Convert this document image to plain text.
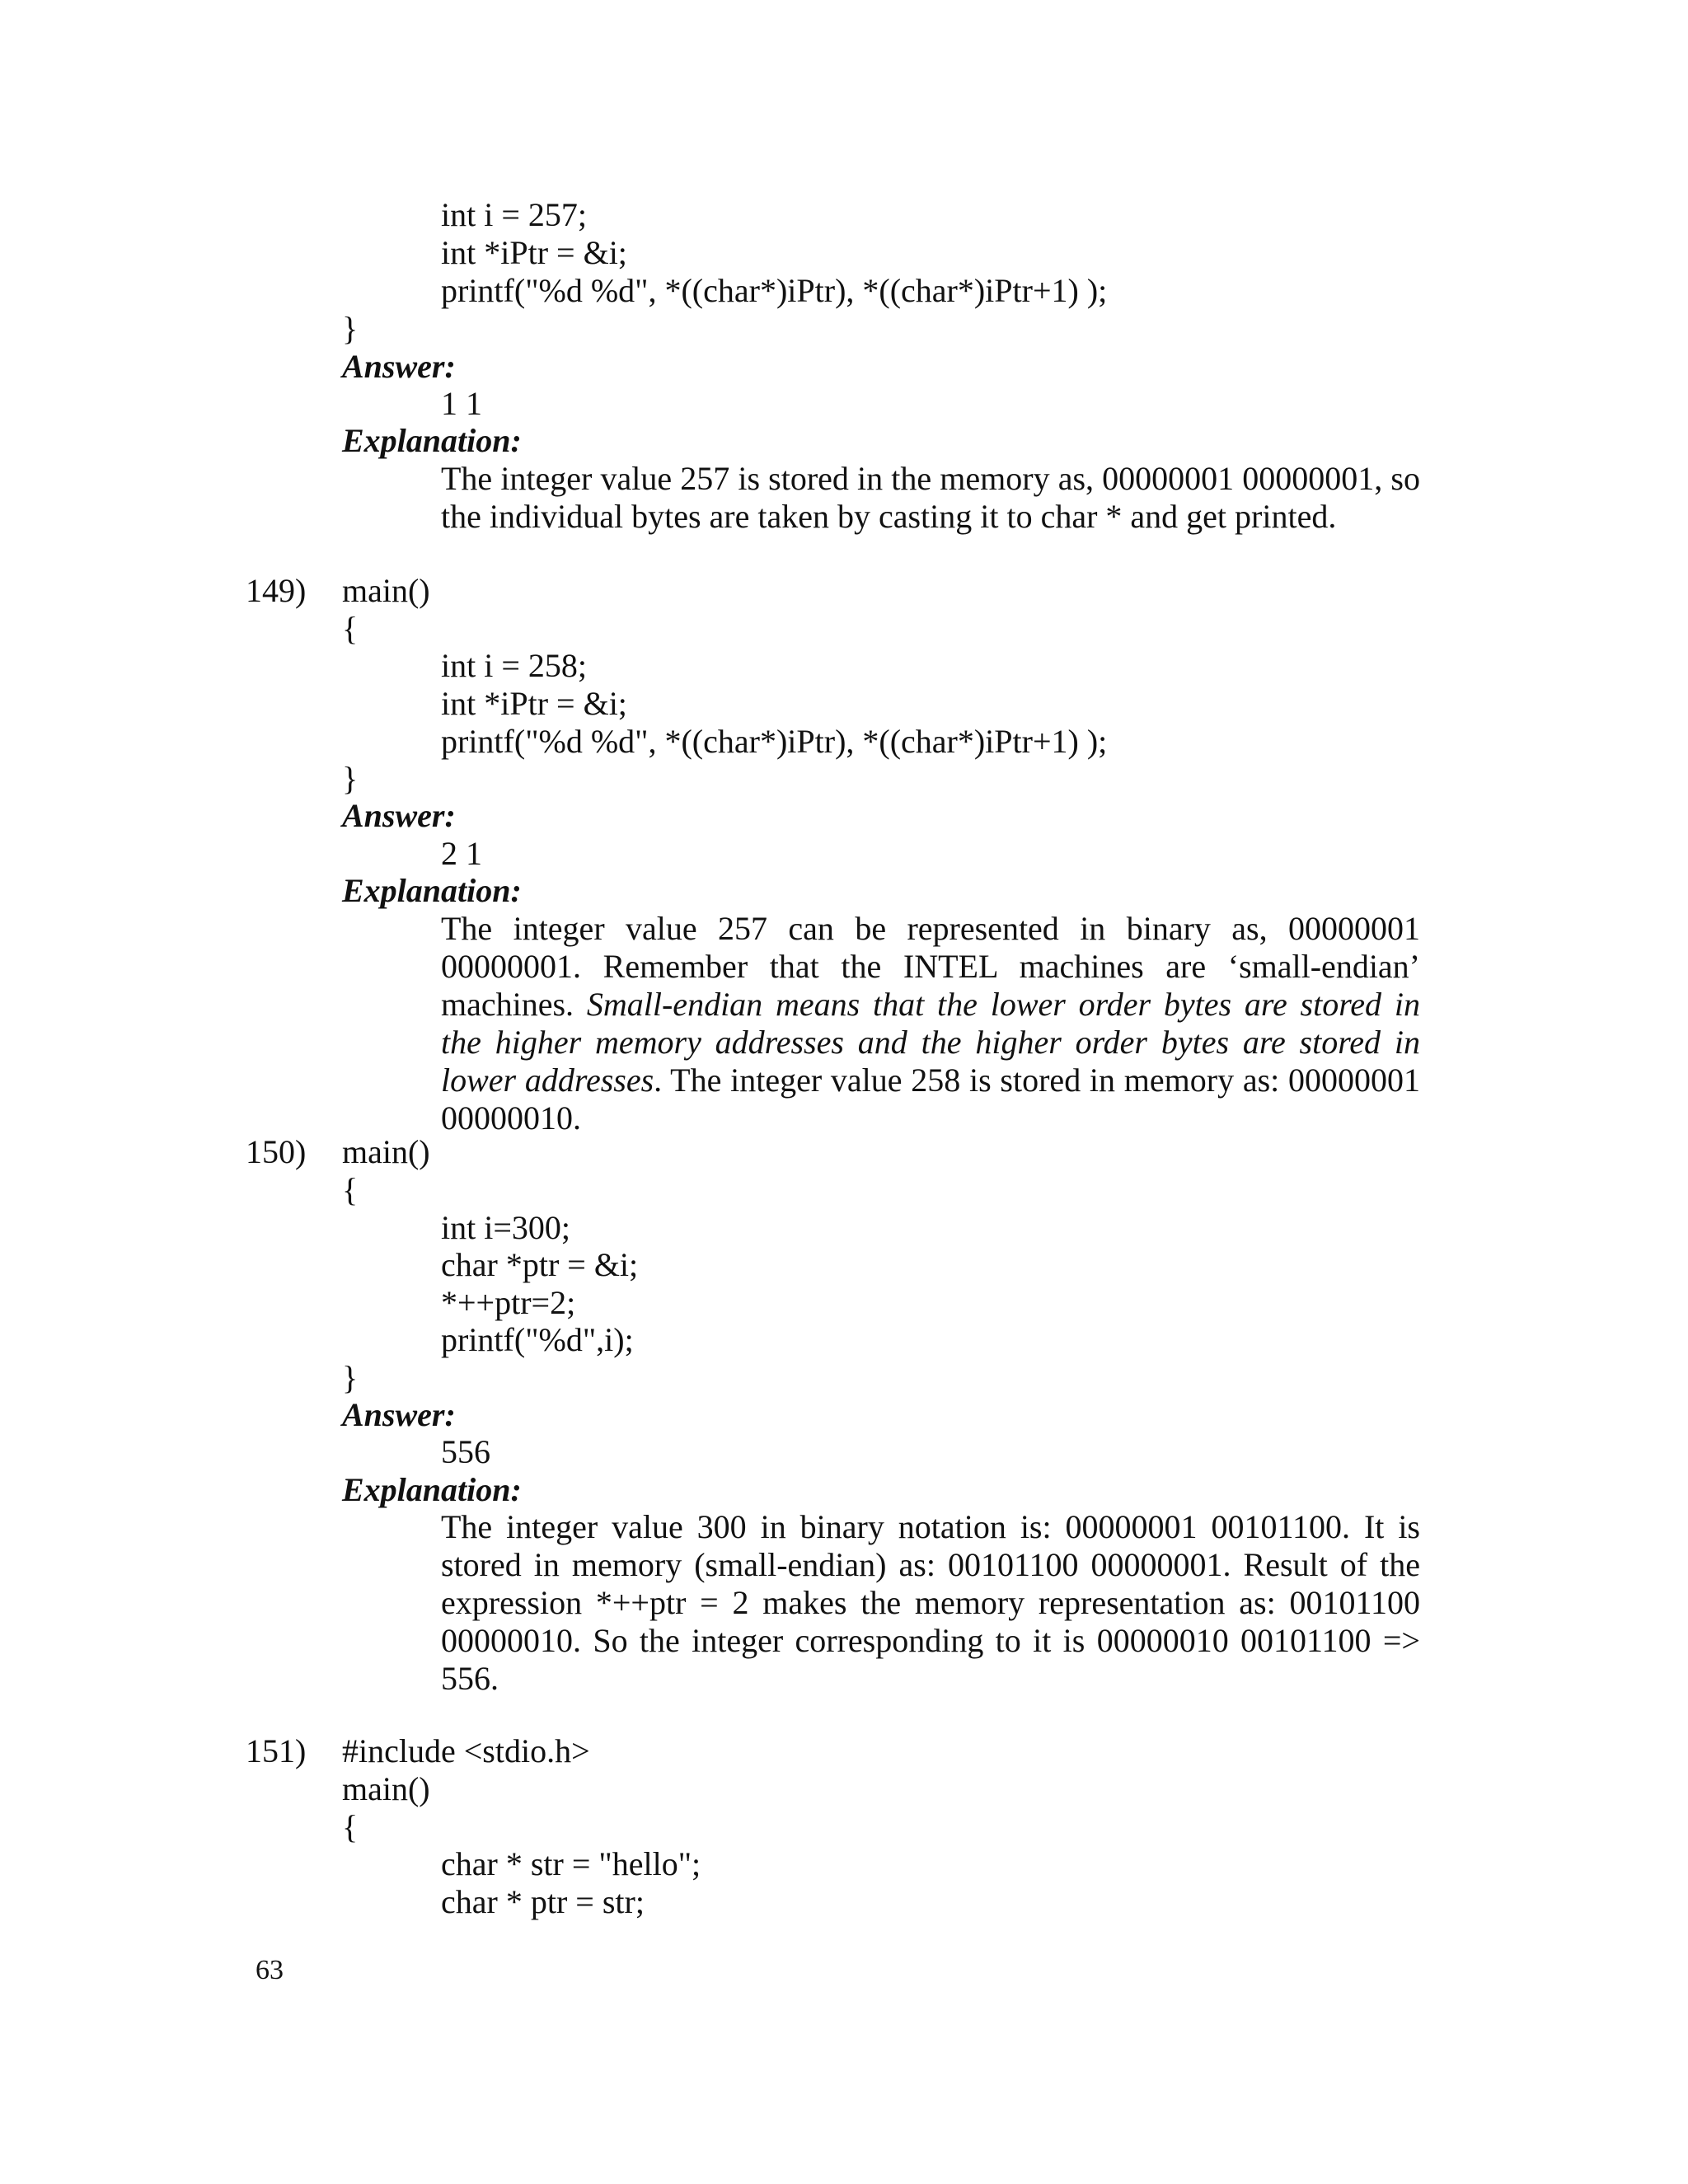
int i = 257;
int *iPtr = &i;
printf("%d %d", *((char*)iPtr), *((char*)iPtr+1) );
}
Answer:
1 1
Explanation:
The integer value 257 is stored in the memory as, 00000001 00000001, so the individual bytes are taken by casting it to char * and get printed.
149) main()
{
int i = 258;
int *iPtr = &i;
printf("%d %d", *((char*)iPtr), *((char*)iPtr+1) );
}
Answer:
2 1
Explanation:
The integer value 257 can be represented in binary as, 00000001 00000001. Remember that the INTEL machines are ‘small-endian’ machines. Small-endian means that the lower order bytes are stored in the higher memory addresses and the higher order bytes are stored in lower addresses. The integer value 258 is stored in memory as: 00000001 00000010.
150) main()
{
int i=300;
char *ptr = &i;
*++ptr=2;
printf("%d",i);
}
Answer:
556
Explanation:
The integer value 300 in binary notation is: 00000001 00101100. It is stored in memory (small-endian) as: 00101100 00000001. Result of the expression *++ptr = 2 makes the memory representation as: 00101100 00000010. So the integer corresponding to it is 00000010 00101100 => 556.
151) #include <stdio.h>
main()
{
char * str = "hello";
char * ptr = str;
63
